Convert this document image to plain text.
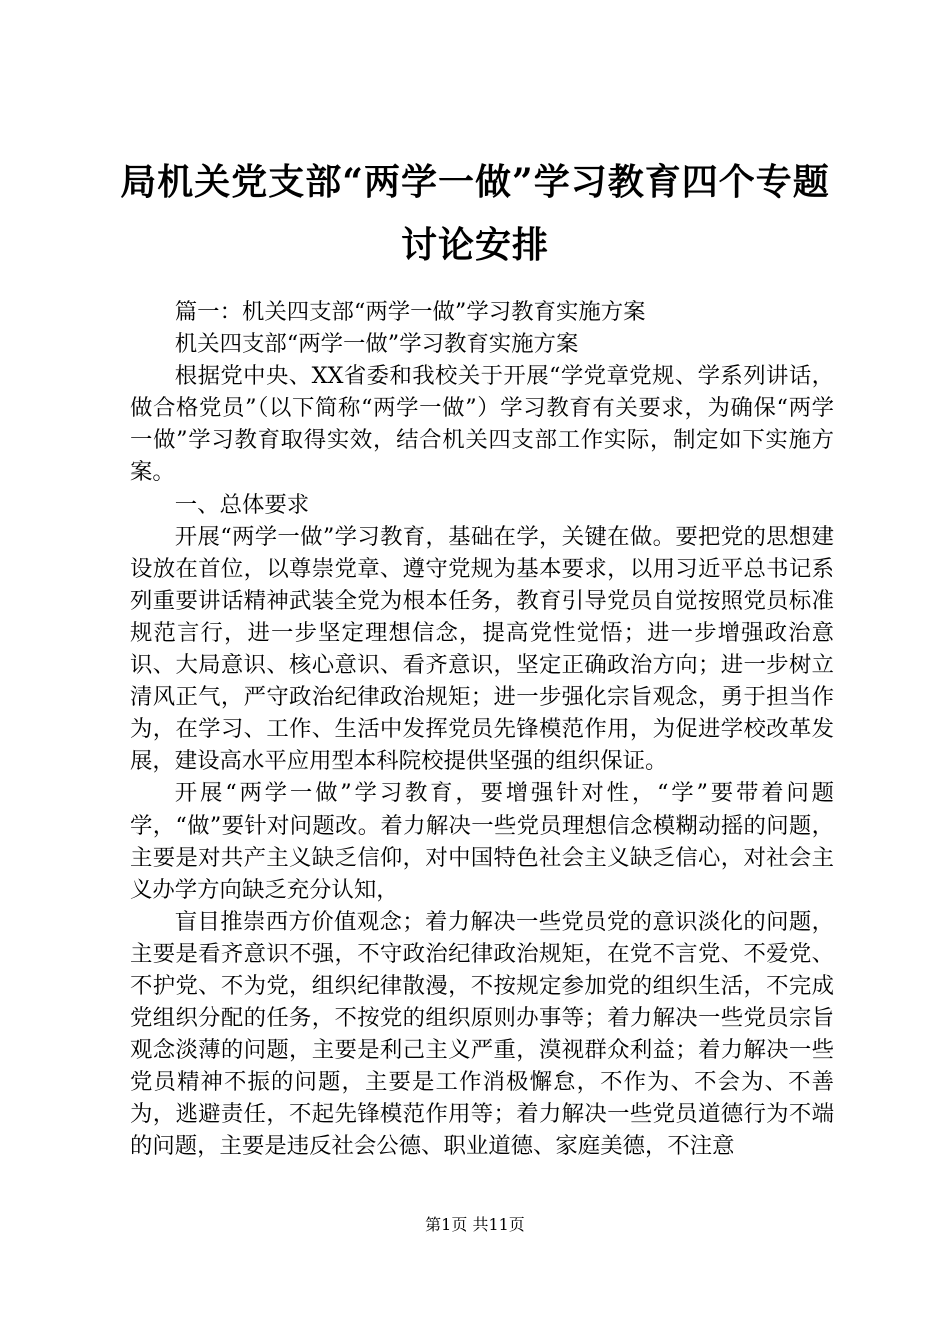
局机关党支部“两学一做”学习教育四个专题
讨论安排

篇一：机关四支部“两学一做”学习教育实施方案

机关四支部“两学一做”学习教育实施方案

根据党中央、XX省委和我校关于开展“学党章党规、学系列讲话，做合格党员”（以下简称“两学一做”）学习教育有关要求，为确保“两学一做”学习教育取得实效，结合机关四支部工作实际，制定如下实施方案。

一、总体要求

开展“两学一做”学习教育，基础在学，关键在做。要把党的思想建设放在首位，以尊崇党章、遵守党规为基本要求，以用习近平总书记系列重要讲话精神武装全党为根本任务，教育引导党员自觉按照党员标准规范言行，进一步坚定理想信念，提高党性觉悟；进一步增强政治意识、大局意识、核心意识、看齐意识，坚定正确政治方向；进一步树立清风正气，严守政治纪律政治规矩；进一步强化宗旨观念，勇于担当作为，在学习、工作、生活中发挥党员先锋模范作用，为促进学校改革发展，建设高水平应用型本科院校提供坚强的组织保证。

开展“两学一做”学习教育，要增强针对性，“学”要带着问题学，“做”要针对问题改。着力解决一些党员理想信念模糊动摇的问题，主要是对共产主义缺乏信仰，对中国特色社会主义缺乏信心，对社会主义办学方向缺乏充分认知，

盲目推崇西方价值观念；着力解决一些党员党的意识淡化的问题，主要是看齐意识不强，不守政治纪律政治规矩，在党不言党、不爱党、不护党、不为党，组织纪律散漫，不按规定参加党的组织生活，不完成党组织分配的任务，不按党的组织原则办事等；着力解决一些党员宗旨观念淡薄的问题，主要是利己主义严重，漠视群众利益；着力解决一些党员精神不振的问题，主要是工作消极懈怠，不作为、不会为、不善为，逃避责任，不起先锋模范作用等；着力解决一些党员道德行为不端的问题，主要是违反社会公德、职业道德、家庭美德，不注意

第1页 共11页
